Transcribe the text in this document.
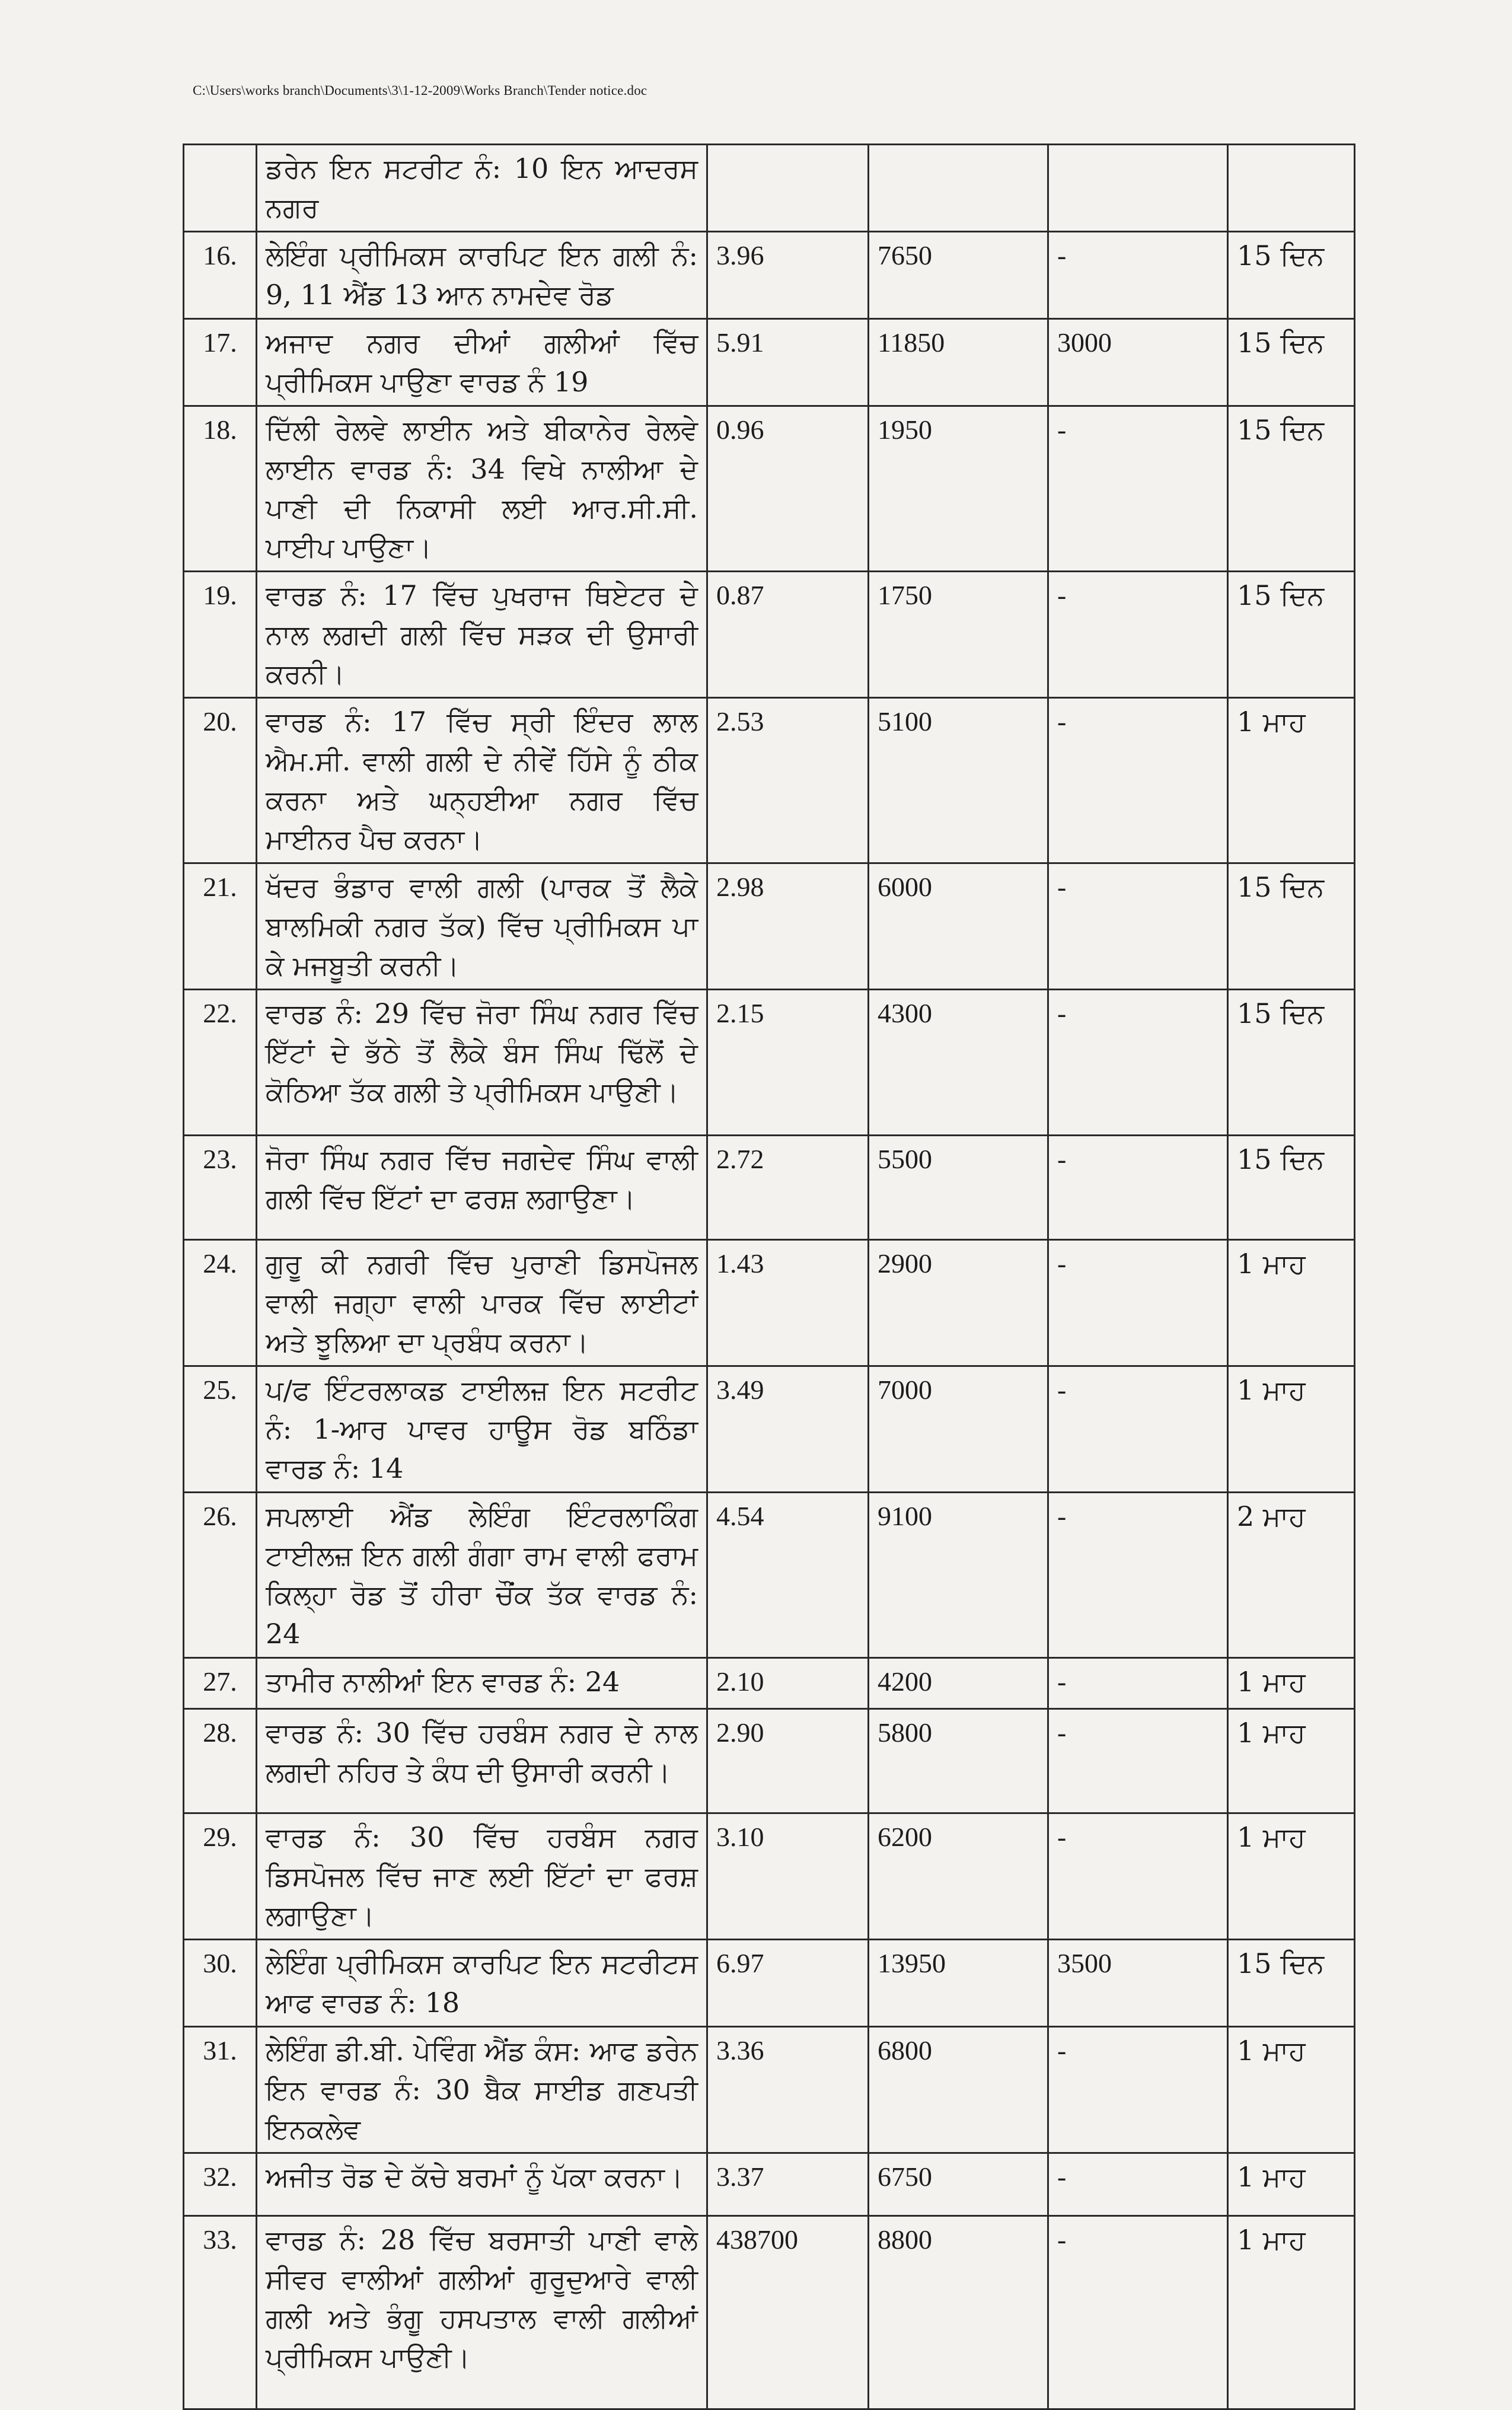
C:\Users\works branch\Documents\3\1-12-2009\Works Branch\Tender notice.doc
	ਡਰੇਨ ਇਨ ਸਟਰੀਟ ਨੰ: 10 ਇਨ ਆਦਰਸ ਨਗਰ				
16.	ਲੇਇੰਗ ਪ੍ਰੀਮਿਕਸ ਕਾਰਪਿਟ ਇਨ ਗਲੀ ਨੰ: 9, 11 ਐਂਡ 13 ਆਨ ਨਾਮਦੇਵ ਰੋਡ	3.96	7650	-	15 ਦਿਨ
17.	ਅਜਾਦ ਨਗਰ ਦੀਆਂ ਗਲੀਆਂ ਵਿੱਚ ਪ੍ਰੀਮਿਕਸ ਪਾਉਣਾ ਵਾਰਡ ਨੰ 19	5.91	11850	3000	15 ਦਿਨ
18.	ਦਿੱਲੀ ਰੇਲਵੇ ਲਾਈਨ ਅਤੇ ਬੀਕਾਨੇਰ ਰੇਲਵੇ ਲਾਈਨ ਵਾਰਡ ਨੰ: 34 ਵਿਖੇ ਨਾਲੀਆ ਦੇ ਪਾਣੀ ਦੀ ਨਿਕਾਸੀ ਲਈ ਆਰ.ਸੀ.ਸੀ. ਪਾਈਪ ਪਾਉਣਾ।	0.96	1950	-	15 ਦਿਨ
19.	ਵਾਰਡ ਨੰ: 17 ਵਿੱਚ ਪੁਖਰਾਜ ਥਿਏਟਰ ਦੇ ਨਾਲ ਲਗਦੀ ਗਲੀ ਵਿੱਚ ਸੜਕ ਦੀ ਉਸਾਰੀ ਕਰਨੀ।	0.87	1750	-	15 ਦਿਨ
20.	ਵਾਰਡ ਨੰ: 17 ਵਿੱਚ ਸ੍ਰੀ ਇੰਦਰ ਲਾਲ ਐਮ.ਸੀ. ਵਾਲੀ ਗਲੀ ਦੇ ਨੀਵੇਂ ਹਿੱਸੇ ਨੂੰ ਠੀਕ ਕਰਨਾ ਅਤੇ ਘਨ੍ਹਈਆ ਨਗਰ ਵਿੱਚ ਮਾਈਨਰ ਪੈਚ ਕਰਨਾ।	2.53	5100	-	1 ਮਾਹ
21.	ਖੱਦਰ ਭੰਡਾਰ ਵਾਲੀ ਗਲੀ (ਪਾਰਕ ਤੋਂ ਲੈਕੇ ਬਾਲਮਿਕੀ ਨਗਰ ਤੱਕ) ਵਿੱਚ ਪ੍ਰੀਮਿਕਸ ਪਾ ਕੇ ਮਜਬੂਤੀ ਕਰਨੀ।	2.98	6000	-	15 ਦਿਨ
22.	ਵਾਰਡ ਨੰ: 29 ਵਿੱਚ ਜੋਰਾ ਸਿੰਘ ਨਗਰ ਵਿੱਚ ਇੱਟਾਂ ਦੇ ਭੱਠੇ ਤੋਂ ਲੈਕੇ ਬੰਸ ਸਿੰਘ ਢਿੱਲੋਂ ਦੇ ਕੋਠਿਆ ਤੱਕ ਗਲੀ ਤੇ ਪ੍ਰੀਮਿਕਸ ਪਾਉਣੀ।	2.15	4300	-	15 ਦਿਨ
23.	ਜੋਰਾ ਸਿੰਘ ਨਗਰ ਵਿੱਚ ਜਗਦੇਵ ਸਿੰਘ ਵਾਲੀ ਗਲੀ ਵਿੱਚ ਇੱਟਾਂ ਦਾ ਫਰਸ਼ ਲਗਾਉਣਾ।	2.72	5500	-	15 ਦਿਨ
24.	ਗੁਰੂ ਕੀ ਨਗਰੀ ਵਿੱਚ ਪੁਰਾਣੀ ਡਿਸਪੋਜਲ ਵਾਲੀ ਜਗ੍ਹਾ ਵਾਲੀ ਪਾਰਕ ਵਿੱਚ ਲਾਈਟਾਂ ਅਤੇ ਝੂਲਿਆ ਦਾ ਪ੍ਰਬੰਧ ਕਰਨਾ।	1.43	2900	-	1 ਮਾਹ
25.	ਪ/ਫ ਇੰਟਰਲਾਕਡ ਟਾਈਲਜ਼ ਇਨ ਸਟਰੀਟ ਨੰ: 1-ਆਰ ਪਾਵਰ ਹਾਊਸ ਰੋਡ ਬਠਿੰਡਾ ਵਾਰਡ ਨੰ: 14	3.49	7000	-	1 ਮਾਹ
26.	ਸਪਲਾਈ ਐਂਡ ਲੇਇੰਗ ਇੰਟਰਲਾਕਿੰਗ ਟਾਈਲਜ਼ ਇਨ ਗਲੀ ਗੰਗਾ ਰਾਮ ਵਾਲੀ ਫਰਾਮ ਕਿਲ੍ਹਾ ਰੋਡ ਤੋਂ ਹੀਰਾ ਚੌਂਕ ਤੱਕ ਵਾਰਡ ਨੰ: 24	4.54	9100	-	2 ਮਾਹ
27.	ਤਾਮੀਰ ਨਾਲੀਆਂ ਇਨ ਵਾਰਡ ਨੰ: 24	2.10	4200	-	1 ਮਾਹ
28.	ਵਾਰਡ ਨੰ: 30 ਵਿੱਚ ਹਰਬੰਸ ਨਗਰ ਦੇ ਨਾਲ ਲਗਦੀ ਨਹਿਰ ਤੇ ਕੰਧ ਦੀ ਉਸਾਰੀ ਕਰਨੀ।	2.90	5800	-	1 ਮਾਹ
29.	ਵਾਰਡ ਨੰ: 30 ਵਿੱਚ ਹਰਬੰਸ ਨਗਰ ਡਿਸਪੋਜਲ ਵਿੱਚ ਜਾਣ ਲਈ ਇੱਟਾਂ ਦਾ ਫਰਸ਼ ਲਗਾਉਣਾ।	3.10	6200	-	1 ਮਾਹ
30.	ਲੇਇੰਗ ਪ੍ਰੀਮਿਕਸ ਕਾਰਪਿਟ ਇਨ ਸਟਰੀਟਸ ਆਫ ਵਾਰਡ ਨੰ: 18	6.97	13950	3500	15 ਦਿਨ
31.	ਲੇਇੰਗ ਡੀ.ਬੀ. ਪੇਵਿੰਗ ਐਂਡ ਕੰਸ: ਆਫ ਡਰੇਨ ਇਨ ਵਾਰਡ ਨੰ: 30 ਬੈਕ ਸਾਈਡ ਗਣਪਤੀ ਇਨਕਲੇਵ	3.36	6800	-	1 ਮਾਹ
32.	ਅਜੀਤ ਰੋਡ ਦੇ ਕੱਚੇ ਬਰਮਾਂ ਨੂੰ ਪੱਕਾ ਕਰਨਾ।	3.37	6750	-	1 ਮਾਹ
33.	ਵਾਰਡ ਨੰ: 28 ਵਿੱਚ ਬਰਸਾਤੀ ਪਾਣੀ ਵਾਲੇ ਸੀਵਰ ਵਾਲੀਆਂ ਗਲੀਆਂ ਗੁਰੂਦੁਆਰੇ ਵਾਲੀ ਗਲੀ ਅਤੇ ਭੰਗੂ ਹਸਪਤਾਲ ਵਾਲੀ ਗਲੀਆਂ ਪ੍ਰੀਮਿਕਸ ਪਾਉਣੀ।	438700	8800	-	1 ਮਾਹ
